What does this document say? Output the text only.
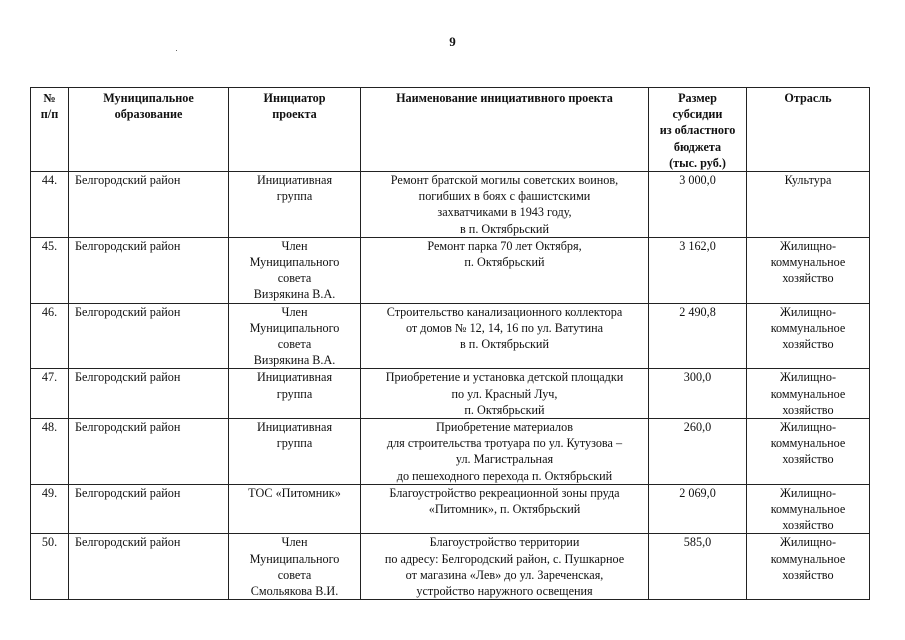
9
№
п/п	Муниципальное
образование	Инициатор
проекта	Наименование инициативного проекта	Размер
субсидии
из областного
бюджета
(тыс. руб.)	Отрасль

44.	Белгородский район	Инициативная
группа	Ремонт братской могилы советских воинов,
погибших в боях с фашистскими
захватчиками в 1943 году,
в п. Октябрьский	3 000,0	Культура

45.	Белгородский район	Член
Муниципального
совета
Визрякина В.А.	Ремонт парка 70 лет Октября,
п. Октябрьский	3 162,0	Жилищно-
коммунальное
хозяйство

46.	Белгородский район	Член
Муниципального
совета
Визрякина В.А.	Строительство канализационного коллектора
от домов № 12, 14, 16 по ул. Ватутина
в п. Октябрьский	2 490,8	Жилищно-
коммунальное
хозяйство

47.	Белгородский район	Инициативная
группа	Приобретение и установка детской площадки
по ул. Красный Луч,
п. Октябрьский	300,0	Жилищно-
коммунальное
хозяйство

48.	Белгородский район	Инициативная
группа	Приобретение материалов
для строительства тротуара по ул. Кутузова –
ул. Магистральная
до пешеходного перехода п. Октябрьский	260,0	Жилищно-
коммунальное
хозяйство

49.	Белгородский район	ТОС «Питомник»	Благоустройство рекреационной зоны пруда
«Питомник», п. Октябрьский	2 069,0	Жилищно-
коммунальное
хозяйство

50.	Белгородский район	Член
Муниципального
совета
Смольякова В.И.	Благоустройство территории
по адресу: Белгородский район, с. Пушкарное
от магазина «Лев» до ул. Зареченская,
устройство наружного освещения	585,0	Жилищно-
коммунальное
хозяйство
